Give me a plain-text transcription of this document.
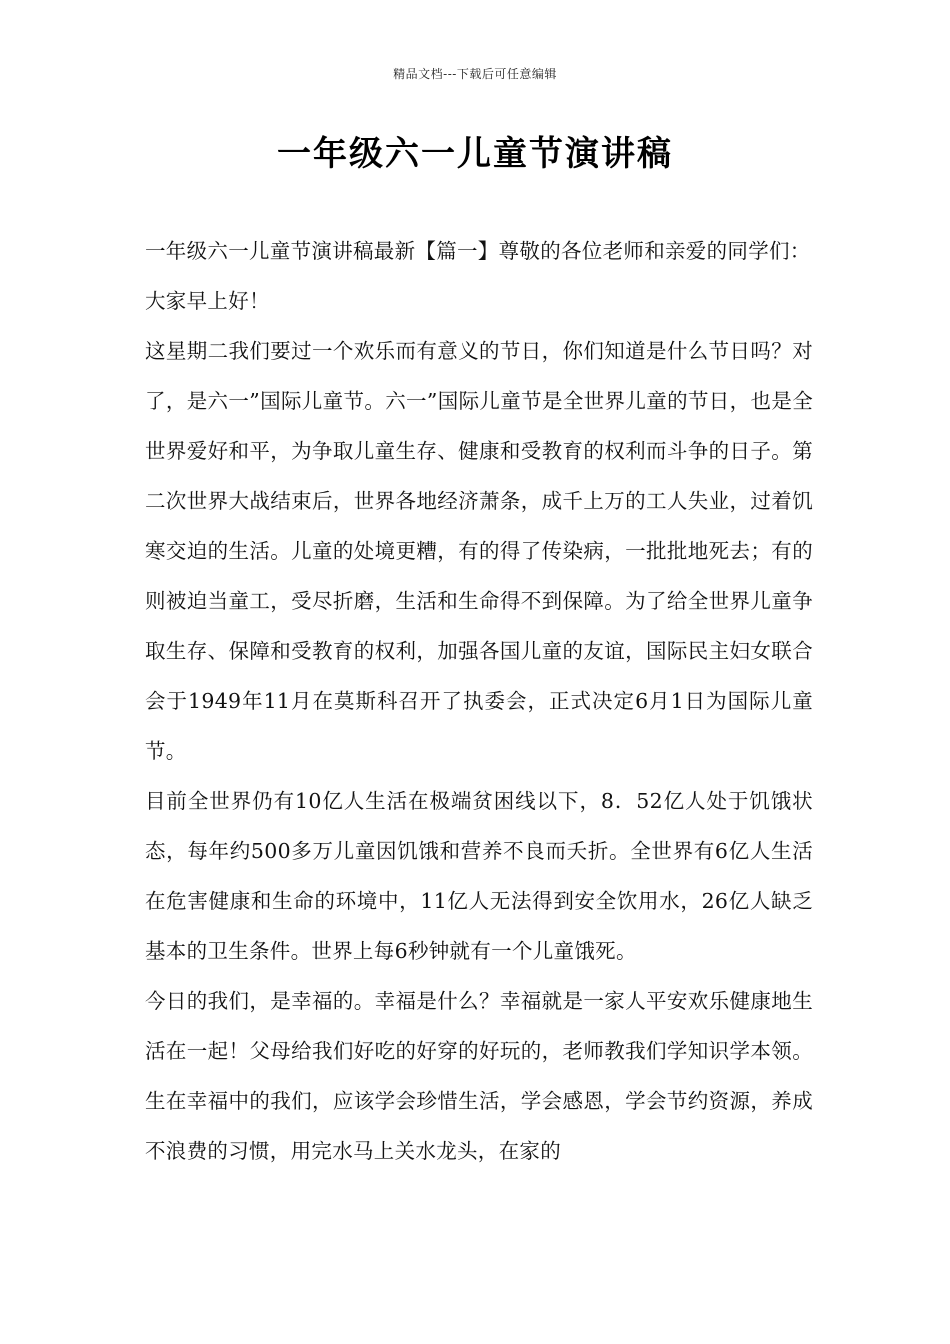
精品文档---下载后可任意编辑
一年级六一儿童节演讲稿

一年级六一儿童节演讲稿最新【篇一】尊敬的各位老师和亲爱的同学们：

大家早上好！

这星期二我们要过一个欢乐而有意义的节日，你们知道是什么节日吗？对了，是六一”国际儿童节。六一”国际儿童节是全世界儿童的节日，也是全世界爱好和平，为争取儿童生存、健康和受教育的权利而斗争的日子。第二次世界大战结束后，世界各地经济萧条，成千上万的工人失业，过着饥寒交迫的生活。儿童的处境更糟，有的得了传染病，一批批地死去；有的则被迫当童工，受尽折磨，生活和生命得不到保障。为了给全世界儿童争取生存、保障和受教育的权利，加强各国儿童的友谊，国际民主妇女联合会于1949年11月在莫斯科召开了执委会，正式决定6月1日为国际儿童节。

目前全世界仍有10亿人生活在极端贫困线以下，8．52亿人处于饥饿状态，每年约500多万儿童因饥饿和营养不良而夭折。全世界有6亿人生活在危害健康和生命的环境中，11亿人无法得到安全饮用水，26亿人缺乏基本的卫生条件。世界上每6秒钟就有一个儿童饿死。

今日的我们，是幸福的。幸福是什么？幸福就是一家人平安欢乐健康地生活在一起！父母给我们好吃的好穿的好玩的，老师教我们学知识学本领。生在幸福中的我们，应该学会珍惜生活，学会感恩，学会节约资源，养成不浪费的习惯，用完水马上关水龙头，在家的
